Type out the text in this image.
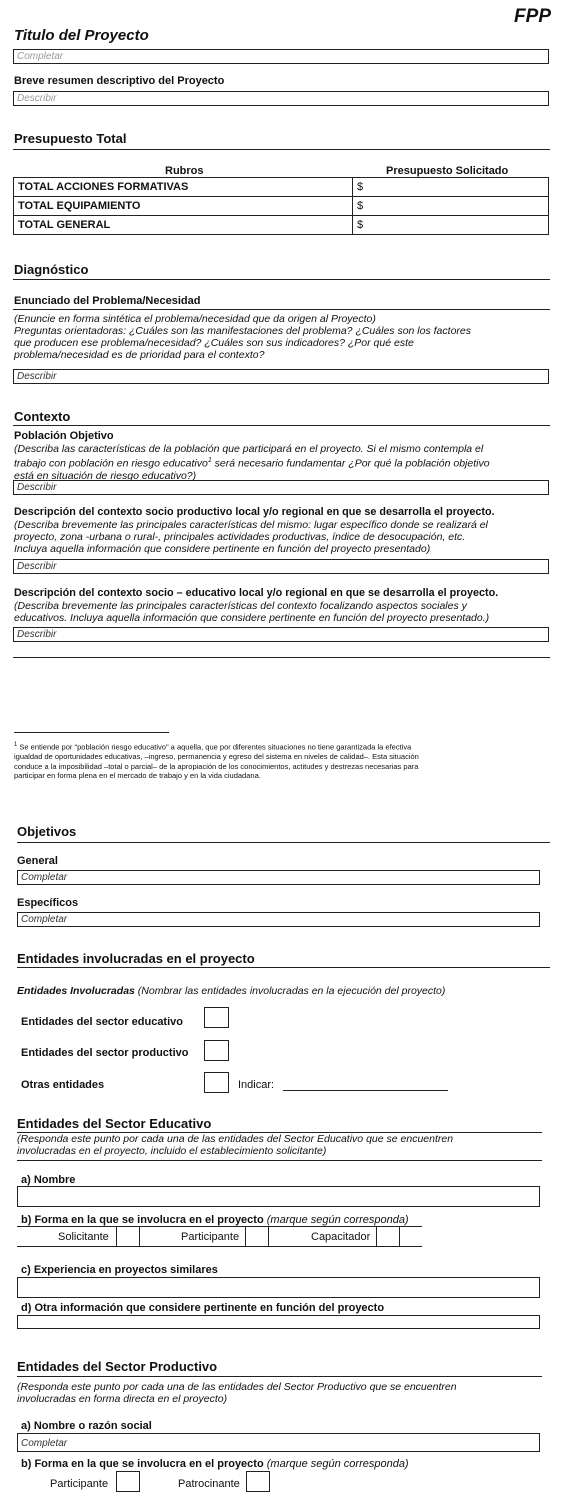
FPP
Titulo del Proyecto
Completar
Breve resumen descriptivo del Proyecto
Describir
Presupuesto Total
Rubros	Presupuesto Solicitado
TOTAL ACCIONES FORMATIVAS	$
TOTAL EQUIPAMIENTO	$
TOTAL GENERAL	$
Diagnóstico
Enunciado del Problema/Necesidad
(Enuncie en forma sintética el problema/necesidad que da origen al Proyecto)
Preguntas orientadoras: ¿Cuáles son las manifestaciones del problema? ¿Cuáles son los factores
que producen ese problema/necesidad? ¿Cuáles son sus indicadores? ¿Por qué este
problema/necesidad es de prioridad para el contexto?
Describir
Contexto
Población Objetivo
(Describa las características de la población que participará en el proyecto. Si el mismo contempla el
trabajo con población en riesgo educativo$^1$ será necesario fundamentar ¿Por qué la población objetivo
está en situación de riesgo educativo?)
Describir
Descripción del contexto socio productivo local y/o regional en que se desarrolla el proyecto.
(Describa brevemente las principales características del mismo: lugar específico donde se realizará el
proyecto, zona -urbana o rural-, principales actividades productivas, índice de desocupación, etc.
Incluya aquella información que considere pertinente en función del proyecto presentado)
Describir
Descripción del contexto socio – educativo local y/o regional en que se desarrolla el proyecto.
(Describa brevemente las principales características del contexto focalizando aspectos sociales y
educativos. Incluya aquella información que considere pertinente en función del proyecto presentado.)
Describir
$^1$ Se entiende por "población riesgo educativo" a aquella, que por diferentes situaciones no tiene garantizada la efectiva
igualdad de oportunidades educativas, –ingreso, permanencia y egreso del sistema en niveles de calidad–. Esta situación
conduce a la imposibilidad –total o parcial– de la apropiación de los conocimientos, actitudes y destrezas necesarias para
participar en forma plena en el mercado de trabajo y en la vida ciudadana.
Objetivos
General
Completar
Específicos
Completar
Entidades involucradas en el proyecto
Entidades Involucradas (Nombrar las entidades involucradas en la ejecución del proyecto)
Entidades del sector educativo
Entidades del sector productivo
Otras entidades	Indicar:
Entidades del Sector Educativo
(Responda este punto por cada una de las entidades del Sector Educativo que se encuentren
involucradas en el proyecto, incluido el establecimiento solicitante)
a) Nombre
b) Forma en la que se involucra en el proyecto (marque según corresponda)
Solicitante	Participante	Capacitador
c) Experiencia en proyectos similares
d) Otra información que considere pertinente en función del proyecto
Entidades del Sector Productivo
(Responda este punto por cada una de las entidades del Sector Productivo que se encuentren
involucradas en forma directa en el proyecto)
a) Nombre o razón social
Completar
b) Forma en la que se involucra en el proyecto (marque según corresponda)
Participante	Patrocinante
